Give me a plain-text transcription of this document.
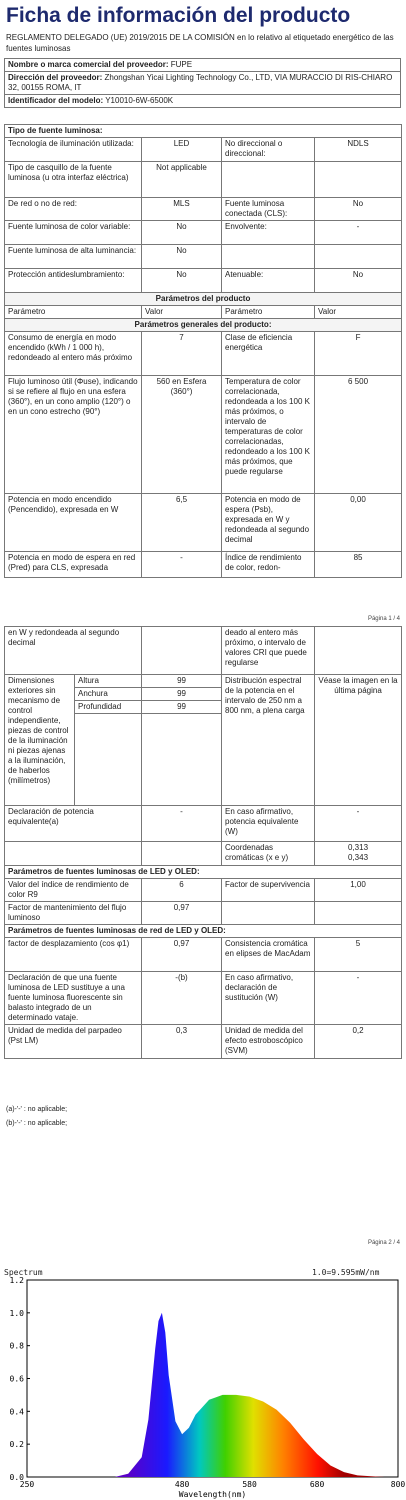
Ficha de información del producto
REGLAMENTO DELEGADO (UE) 2019/2015 DE LA COMISIÓN en lo relativo al etiquetado energético de las fuentes luminosas
Nombre o marca comercial del proveedor: FUPE
Dirección del proveedor: Zhongshan Yicai Lighting Technology Co., LTD, VIA MURACCIO DI RIS-CHIARO 32, 00155 ROMA, IT
Identificador del modelo: Y10010-6W-6500K
Tipo de fuente luminosa:			
Tecnología de iluminación utilizada:	LED	No direccional o direccional:	NDLS
Tipo de casquillo de la fuente luminosa (u otra interfaz eléctrica)	Not applicable		
De red o no de red:	MLS	Fuente luminosa conectada (CLS):	No
Fuente luminosa de color variable:	No	Envolvente:	-
Fuente luminosa de alta luminancia:	No		
Protección antideslumbramiento:	No	Atenuable:	No
Parámetros del producto			
Parámetro	Valor	Parámetro	Valor
Parámetros generales del producto:			
Consumo de energía en modo encendido (kWh / 1 000 h), redondeado al entero más próximo	7	Clase de eficiencia energética	F
Flujo luminoso útil (Φuse), indicando si se refiere al flujo en una esfera (360°), en un cono amplio (120°) o en un cono estrecho (90°)	560 en Esfera (360°)	Temperatura de color correlacionada, redondeada a los 100 K más próximos, o intervalo de temperaturas de color correlacionadas, redondeado a los 100 K más próximos, que puede regularse	6 500
Potencia en modo encendido (Pencendido), expresada en W	6,5	Potencia en modo de espera (Psb), expresada en W y redondeada al segundo decimal	0,00
Potencia en modo de espera en red (Pred) para CLS, expresada	-	Índice de rendimiento de color, redon-	85
Página 1 / 4
en W y redondeada al segundo decimal			deado al entero más próximo, o intervalo de valores CRI que puede regularse	
Dimensiones exteriores sin mecanismo de control independiente, piezas de control de la iluminación ni piezas ajenas a la iluminación, de haberlos (milímetros)	Altura	99	Distribución espectral de la potencia en el intervalo de 250 nm a 800 nm, a plena carga	Véase la imagen en la última página
	Anchura	99		
	Profundidad	99		

Declaración de potencia equivalente(a)		-	En caso afirmativo, potencia equivalente (W)	-
			Coordenadas cromáticas (x e y)	0,313
0,343
Parámetros de fuentes luminosas de LED y OLED:				
Valor del índice de rendimiento de color R9		6	Factor de supervivencia	1,00
Factor de mantenimiento del flujo luminoso		0,97		
Parámetros de fuentes luminosas de red de LED y OLED:				
factor de desplazamiento (cos φ1)		0,97	Consistencia cromática en elipses de MacAdam	5
Declaración de que una fuente luminosa de LED sustituye a una fuente luminosa fluorescente sin balasto integrado de un determinado vataje.		-(b)	En caso afirmativo, declaración de sustitución (W)	-
Unidad de medida del parpadeo (Pst LM)		0,3	Unidad de medida del efecto estroboscópico (SVM)	0,2
(a)-'-' : no aplicable;
(b)-'-' : no aplicable;
Página 2 / 4
Spectrum	1.0=9.595mW/nm
0.0
0.2
0.4
0.6
0.8
1.0
1.2
250	480	580	680	800
Wavelength(nm)
